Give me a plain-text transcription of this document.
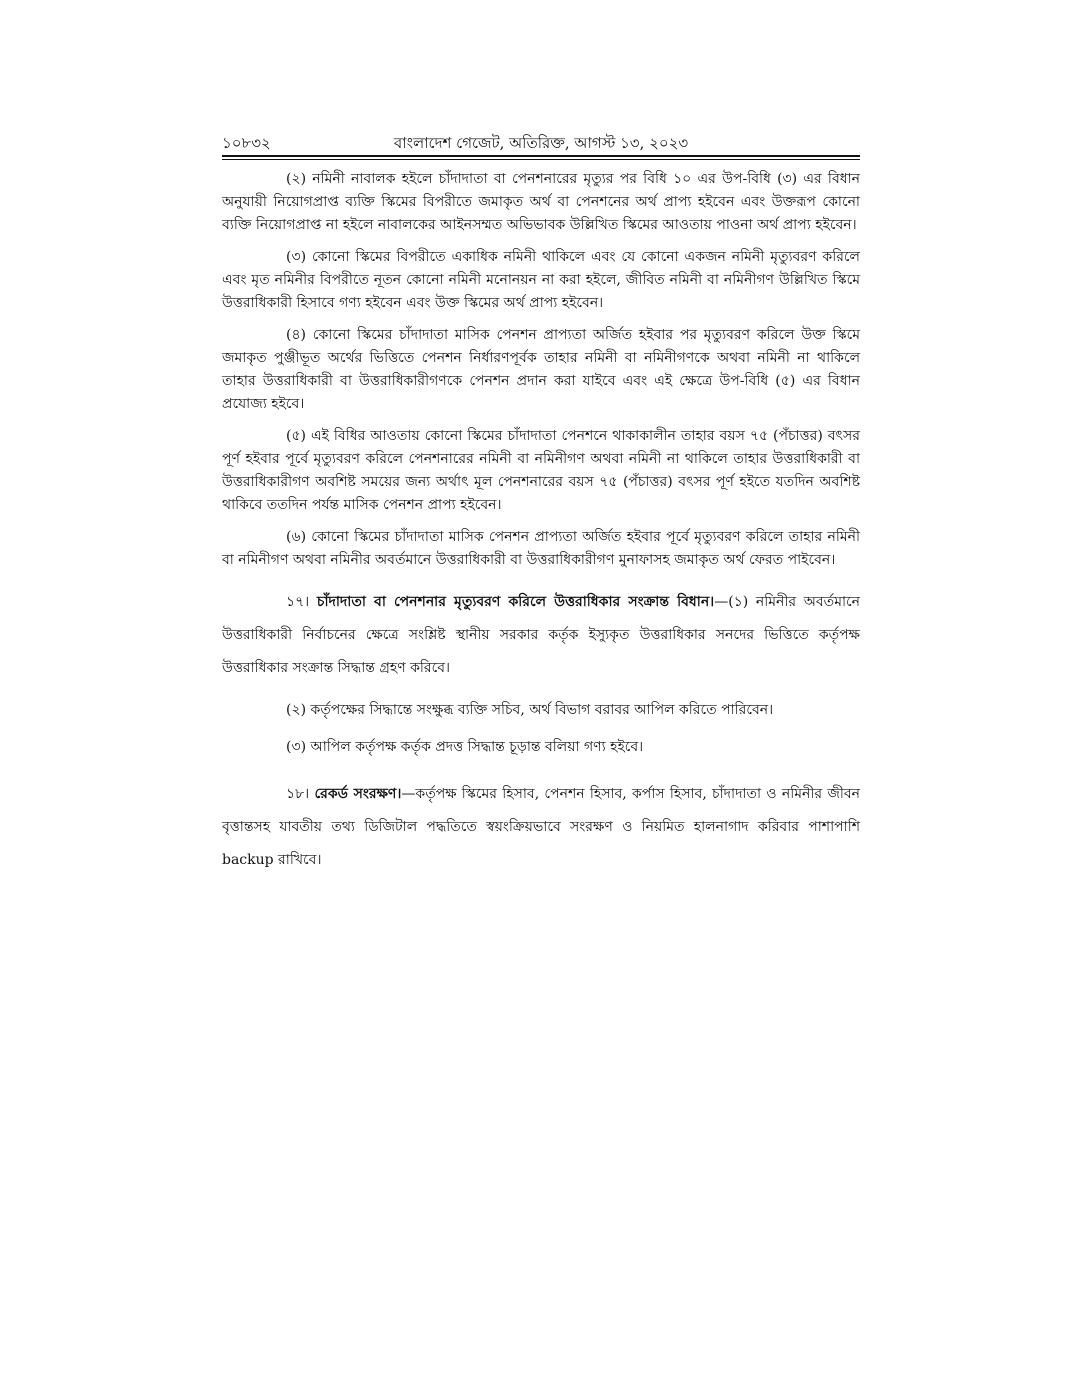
১০৮৩২	বাংলাদেশ গেজেট, অতিরিক্ত, আগস্ট ১৩, ২০২৩

(২) নমিনী নাবালক হইলে চাঁদাদাতা বা পেনশনারের মৃত্যুর পর বিধি ১০ এর উপ-বিধি (৩) এর বিধান অনুযায়ী নিয়োগপ্রাপ্ত ব্যক্তি স্কিমের বিপরীতে জমাকৃত অর্থ বা পেনশনের অর্থ প্রাপ্য হইবেন এবং উক্তরূপ কোনো ব্যক্তি নিয়োগপ্রাপ্ত না হইলে নাবালকের আইনসম্মত অভিভাবক উল্লিখিত স্কিমের আওতায় পাওনা অর্থ প্রাপ্য হইবেন।

(৩) কোনো স্কিমের বিপরীতে একাধিক নমিনী থাকিলে এবং যে কোনো একজন নমিনী মৃত্যুবরণ করিলে এবং মৃত নমিনীর বিপরীতে নূতন কোনো নমিনী মনোনয়ন না করা হইলে, জীবিত নমিনী বা নমিনীগণ উল্লিখিত স্কিমে উত্তরাধিকারী হিসাবে গণ্য হইবেন এবং উক্ত স্কিমের অর্থ প্রাপ্য হইবেন।

(৪) কোনো স্কিমের চাঁদাদাতা মাসিক পেনশন প্রাপ্যতা অর্জিত হইবার পর মৃত্যুবরণ করিলে উক্ত স্কিমে জমাকৃত পুঞ্জীভূত অর্থের ভিত্তিতে পেনশন নির্ধারণপূর্বক তাহার নমিনী বা নমিনীগণকে অথবা নমিনী না থাকিলে তাহার উত্তরাধিকারী বা উত্তরাধিকারীগণকে পেনশন প্রদান করা যাইবে এবং এই ক্ষেত্রে উপ-বিধি (৫) এর বিধান প্রযোজ্য হইবে।

(৫) এই বিধির আওতায় কোনো স্কিমের চাঁদাদাতা পেনশনে থাকাকালীন তাহার বয়স ৭৫ (পঁচাত্তর) বৎসর পূর্ণ হইবার পূর্বে মৃত্যুবরণ করিলে পেনশনারের নমিনী বা নমিনীগণ অথবা নমিনী না থাকিলে তাহার উত্তরাধিকারী বা উত্তরাধিকারীগণ অবশিষ্ট সময়ের জন্য অর্থাৎ মূল পেনশনারের বয়স ৭৫ (পঁচাত্তর) বৎসর পূর্ণ হইতে যতদিন অবশিষ্ট থাকিবে ততদিন পর্যন্ত মাসিক পেনশন প্রাপ্য হইবেন।

(৬) কোনো স্কিমের চাঁদাদাতা মাসিক পেনশন প্রাপ্যতা অর্জিত হইবার পূর্বে মৃত্যুবরণ করিলে তাহার নমিনী বা নমিনীগণ অথবা নমিনীর অবর্তমানে উত্তরাধিকারী বা উত্তরাধিকারীগণ মুনাফাসহ জমাকৃত অর্থ ফেরত পাইবেন।

১৭। চাঁদাদাতা বা পেনশনার মৃত্যুবরণ করিলে উত্তরাধিকার সংক্রান্ত বিধান।—(১) নমিনীর অবর্তমানে উত্তরাধিকারী নির্বাচনের ক্ষেত্রে সংশ্লিষ্ট স্থানীয় সরকার কর্তৃক ইস্যুকৃত উত্তরাধিকার সনদের ভিত্তিতে কর্তৃপক্ষ উত্তরাধিকার সংক্রান্ত সিদ্ধান্ত গ্রহণ করিবে।

(২) কর্তৃপক্ষের সিদ্ধান্তে সংক্ষুব্ধ ব্যক্তি সচিব, অর্থ বিভাগ বরাবর আপিল করিতে পারিবেন।

(৩) আপিল কর্তৃপক্ষ কর্তৃক প্রদত্ত সিদ্ধান্ত চূড়ান্ত বলিয়া গণ্য হইবে।

১৮। রেকর্ড সংরক্ষণ।—কর্তৃপক্ষ স্কিমের হিসাব, পেনশন হিসাব, কর্পাস হিসাব, চাঁদাদাতা ও নমিনীর জীবন বৃত্তান্তসহ যাবতীয় তথ্য ডিজিটাল পদ্ধতিতে স্বয়ংক্রিয়ভাবে সংরক্ষণ ও নিয়মিত হালনাগাদ করিবার পাশাপাশি backup রাখিবে।
